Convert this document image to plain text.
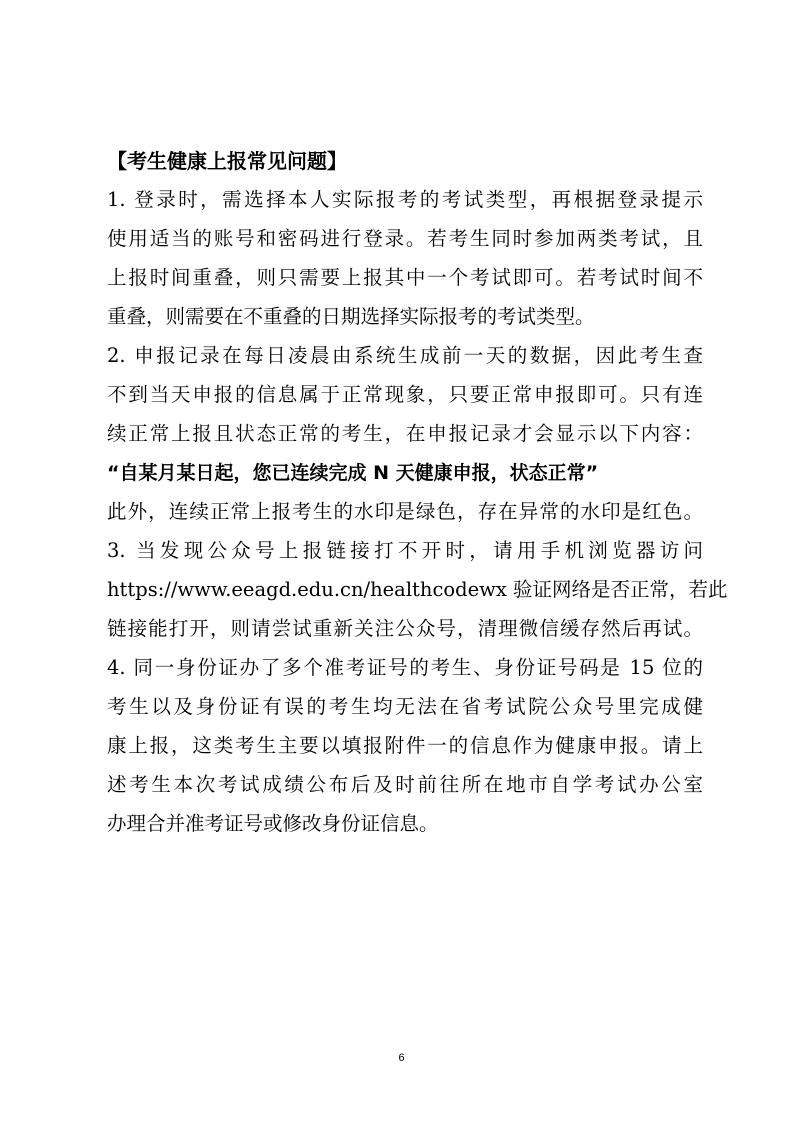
【考生健康上报常见问题】
1. 登录时，需选择本人实际报考的考试类型，再根据登录提示
使用适当的账号和密码进行登录。若考生同时参加两类考试，且
上报时间重叠，则只需要上报其中一个考试即可。若考试时间不
重叠，则需要在不重叠的日期选择实际报考的考试类型。
2. 申报记录在每日凌晨由系统生成前一天的数据，因此考生查
不到当天申报的信息属于正常现象，只要正常申报即可。只有连
续正常上报且状态正常的考生，在申报记录才会显示以下内容：
“自某月某日起，您已连续完成 N 天健康申报，状态正常”
此外，连续正常上报考生的水印是绿色，存在异常的水印是红色。
3. 当发现公众号上报链接打不开时，请用手机浏览器访问
https://www.eeagd.edu.cn/healthcodewx 验证网络是否正常，若此
链接能打开，则请尝试重新关注公众号，清理微信缓存然后再试。
4. 同一身份证办了多个准考证号的考生、身份证号码是 15 位的
考生以及身份证有误的考生均无法在省考试院公众号里完成健
康上报，这类考生主要以填报附件一的信息作为健康申报。请上
述考生本次考试成绩公布后及时前往所在地市自学考试办公室
办理合并准考证号或修改身份证信息。
6
